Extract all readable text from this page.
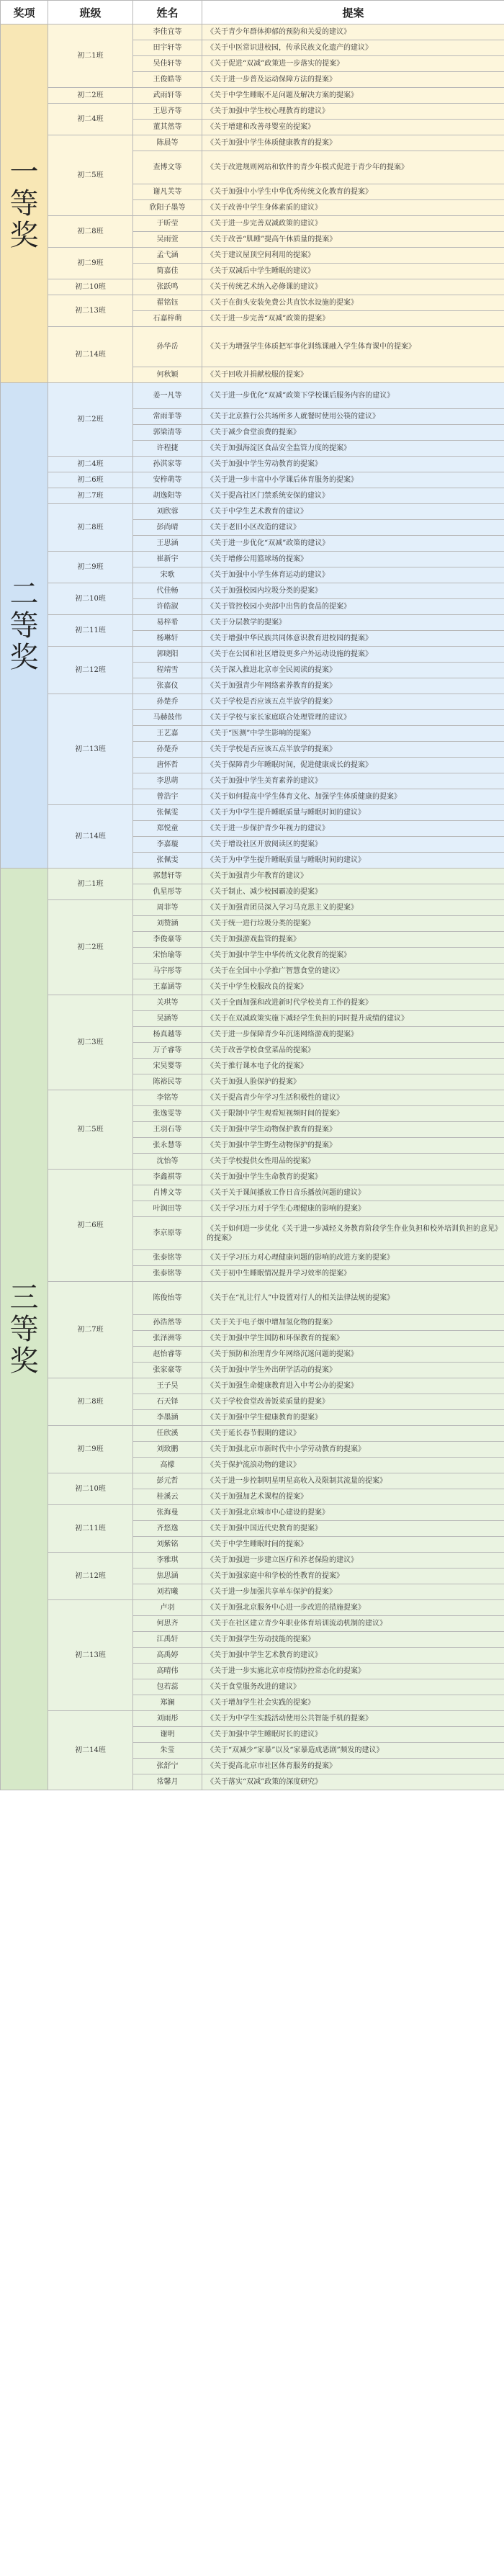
奖项	班级	姓名	提案

一等奖	初二1班	李佳宜等	《关于青少年群体抑郁的预防和关爱的建议》
		田宇轩等	《关于中医常识进校园，传承民族文化遗产的建议》
		吴佳轩等	《关于促进“双减”政策进一步落实的提案》
		王俊皓等	《关于进一步普及运动保障方法的提案》
	初二2班	武雨轩等	《关于中学生睡眠不足问题及解决方案的提案》
	初二4班	王思齐等	《关于加强中学生校心理教育的建议》
		董其然等	《关于增建和改善母婴室的提案》
	初二5班	陈晨等	《关于加强中学生体质健康教育的提案》
		查博文等	《关于改进规则网站和软件的青少年模式促进于青少年的提案》
		谢凡芙等	《关于加强中小学生中华优秀传统文化教育的提案》
		欣阳子墨等	《关于改善中学生身体素质的建议》
	初二8班	于昕莹	《关于进一步完善双减政策的建议》
		吴雨萱	《关于改善“肌睡”提高午休质量的提案》
	初二9班	孟弋涵	《关于建议屋顶空间利用的提案》
		简嘉佳	《关于双减后中学生睡眠的建议》
	初二10班	张跃鸣	《关于传统艺术纳入必修课的建议》
	初二13班	翟铭钰	《关于在街头安装免费公共直饮水设施的提案》
		石嘉梓萌	《关于进一步完善“双减”政策的提案》
	初二14班	孙华岳	《关于为增强学生体质把军事化训练课融入学生体育课中的提案》
		何秋颖	《关于回收并捐献校服的提案》

二等奖	初二2班	姜一凡等	《关于进一步优化“双减”政策下学校课后服务内容的建议》
		常雨菲等	《关于北京推行公共场所多人就餐时使用公筷的建议》
		郭梁清等	《关于减少食堂浪费的提案》
		许程捷	《关于加强海淀区食品安全监管力度的提案》
	初二4班	孙淇家等	《关于加强中学生劳动教育的提案》
	初二6班	安梓萌等	《关于进一步丰富中小学课后体育服务的提案》
	初二7班	胡逸阳等	《关于提高社区门禁系统安保的建议》
	初二8班	刘欣蓉	《关于中学生艺术教育的建议》
		彭尚晴	《关于老旧小区改造的建议》
		王思涵	《关于进一步优化“双减”政策的建议》
	初二9班	崔新宇	《关于增修公用篮球场的提案》
		宋歌	《关于加强中小学生体育运动的建议》
	初二10班	代佳畅	《关于加强校园内垃圾分类的提案》
		许皓淑	《关于管控校园小卖部中出售的食品的提案》
	初二11班	易梓希	《关于分层教学的提案》
		杨琳轩	《关于增强中华民族共同体意识教育进校园的提案》
	初二12班	郭晓阳	《关于在公园和社区增设更多户外运动设施的提案》
		程靖雪	《关于深入推进北京市全民阅读的提案》
		张嘉仪	《关于加强青少年网络素养教育的提案》
	初二13班	孙楚乔	《关于学校是否应该五点半放学的提案》
		马赫鼓伟	《关于学校与家长家庭联合处理管理的建议》
		王艺嘉	《关于“医测”中学生影响的提案》
		孙楚乔	《关于学校是否应该五点半放学的提案》
		唐怀哲	《关于保障青少年睡眠时间，促进健康成长的提案》
		李思萌	《关于加强中学生美育素养的建议》
		曾浩宇	《关于如何提高中学生体育文化、加强学生体质健康的提案》
	初二14班	张佩雯	《关于为中学生提升睡眠质量与睡眠时间的建议》
		郑悦童	《关于进一步保护青少年视力的建议》
		李嘉璇	《关于增设社区开放阅读区的提案》
		张佩雯	《关于为中学生提升睡眠质量与睡眠时间的建议》

三等奖	初二1班	郭慧轩等	《关于加强青少年教育的建议》
		仇星彤等	《关于制止、减少校园霸凌的提案》
	初二2班	周菲等	《关于加强青团员深入学习马克思主义的提案》
		刘赞涵	《关于统一进行垃圾分类的提案》
		李俊豪等	《关于加强游戏监管的提案》
		宋怡瑜等	《关于加强中学生中华传统文化教育的提案》
		马宇彤等	《关于在全国中小学推广智慧食堂的建议》
		王嘉涵等	《关于中学生校服改良的提案》
	初二3班	关琪等	《关于全面加强和改进新时代学校美育工作的提案》
		吴涵等	《关于在双减政策实施下减轻学生负担的同时提升成绩的建议》
		杨真越等	《关于进一步保障青少年沉迷网络游戏的提案》
		万子睿等	《关于改善学校食堂菜品的提案》
		宋昊婴等	《关于推行课本电子化的提案》
		陈裕民等	《关于加强人脸保护的提案》
	初二5班	李铭等	《关于提高青少年学习生活积极性的建议》
		张逸雯等	《关于限制中学生观看短视频时间的提案》
		王羽石等	《关于加强中学生动物保护教育的提案》
		张永慧等	《关于加强中学生野生动物保护的提案》
		沈怡等	《关于学校提供女性用品的提案》
	初二6班	李鑫祺等	《关于加强中学生生命教育的提案》
		肖博文等	《关于关于课间播放工作日音乐播放问题的建议》
		叶润田等	《关于学习压力对于学生心理健康的影响的提案》
		李京原等	《关于如何进一步优化《关于进一步减轻义务教育阶段学生作业负担和校外培训负担的意见》的提案》
		张泰铭等	《关于学习压力对心理健康问题的影响的改进方案的提案》
		张泰铭等	《关于初中生睡眠情况提升学习效率的提案》
	初二7班	陈俊怡等	《关于在“礼让行人”中设置对行人的相关法律法规的提案》
		孙浩然等	《关于关于电子烟中增加氢化物的提案》
		张泽洲等	《关于加强中学生国防和环保教育的提案》
		赵怡睿等	《关于预防和治理青少年网络沉迷问题的提案》
		张家豪等	《关于加强中学生外出研学活动的提案》
	初二8班	王子昊	《关于加强生命健康教育进入中考公办的提案》
		石天铎	《关于学校食堂改善饭菜质量的提案》
		李墨涵	《关于加强中学生健康教育的提案》
	初二9班	任欣溪	《关于延长春节假期的建议》
		刘致鹏	《关于加强北京市新时代中小学劳动教育的提案》
		高檬	《关于保护流浪动物的建议》
	初二10班	彭元哲	《关于进一步控制明星明星高收入及限制其流量的提案》
		桂溪云	《关于加强加艺术课程的提案》
	初二11班	张海曼	《关于加强北京城市中心建设的提案》
		齐悠逸	《关于加强中国近代史教育的提案》
		刘紫铭	《关于中学生睡眠时间的提案》
	初二12班	李雅琪	《关于加强进一步建立医疗和养老保险的建议》
		焦思涵	《关于加强家庭中和学校的性教育的提案》
		刘若曦	《关于进一步加强共享单车保护的提案》
	初二13班	卢羽	《关于加强北京服务中心进一步改进的措施提案》
		何思齐	《关于在社区建立青少年职业体育培训流动机制的建议》
		江禹轩	《关于加强学生劳动技能的提案》
		高禹婷	《关于加强中学生艺术教育的建议》
		高晴伟	《关于进一步实施北京市疫情防控常态化的提案》
		包若蕊	《关于食堂服务改进的建议》
		郑澜	《关于增加学生社会实践的提案》
	初二14班	刘雨彤	《关于为中学生实践活动使用公共智能手机的提案》
		谢明	《关于加强中学生睡眠时长的建议》
		朱莹	《关于“双减少“家暴”以及“家暴造成恶剧”频发的建议》
		张舒宁	《关于提高北京市社区体育服务的提案》
		常馨月	《关于落实“双减”政策的深度研究》
